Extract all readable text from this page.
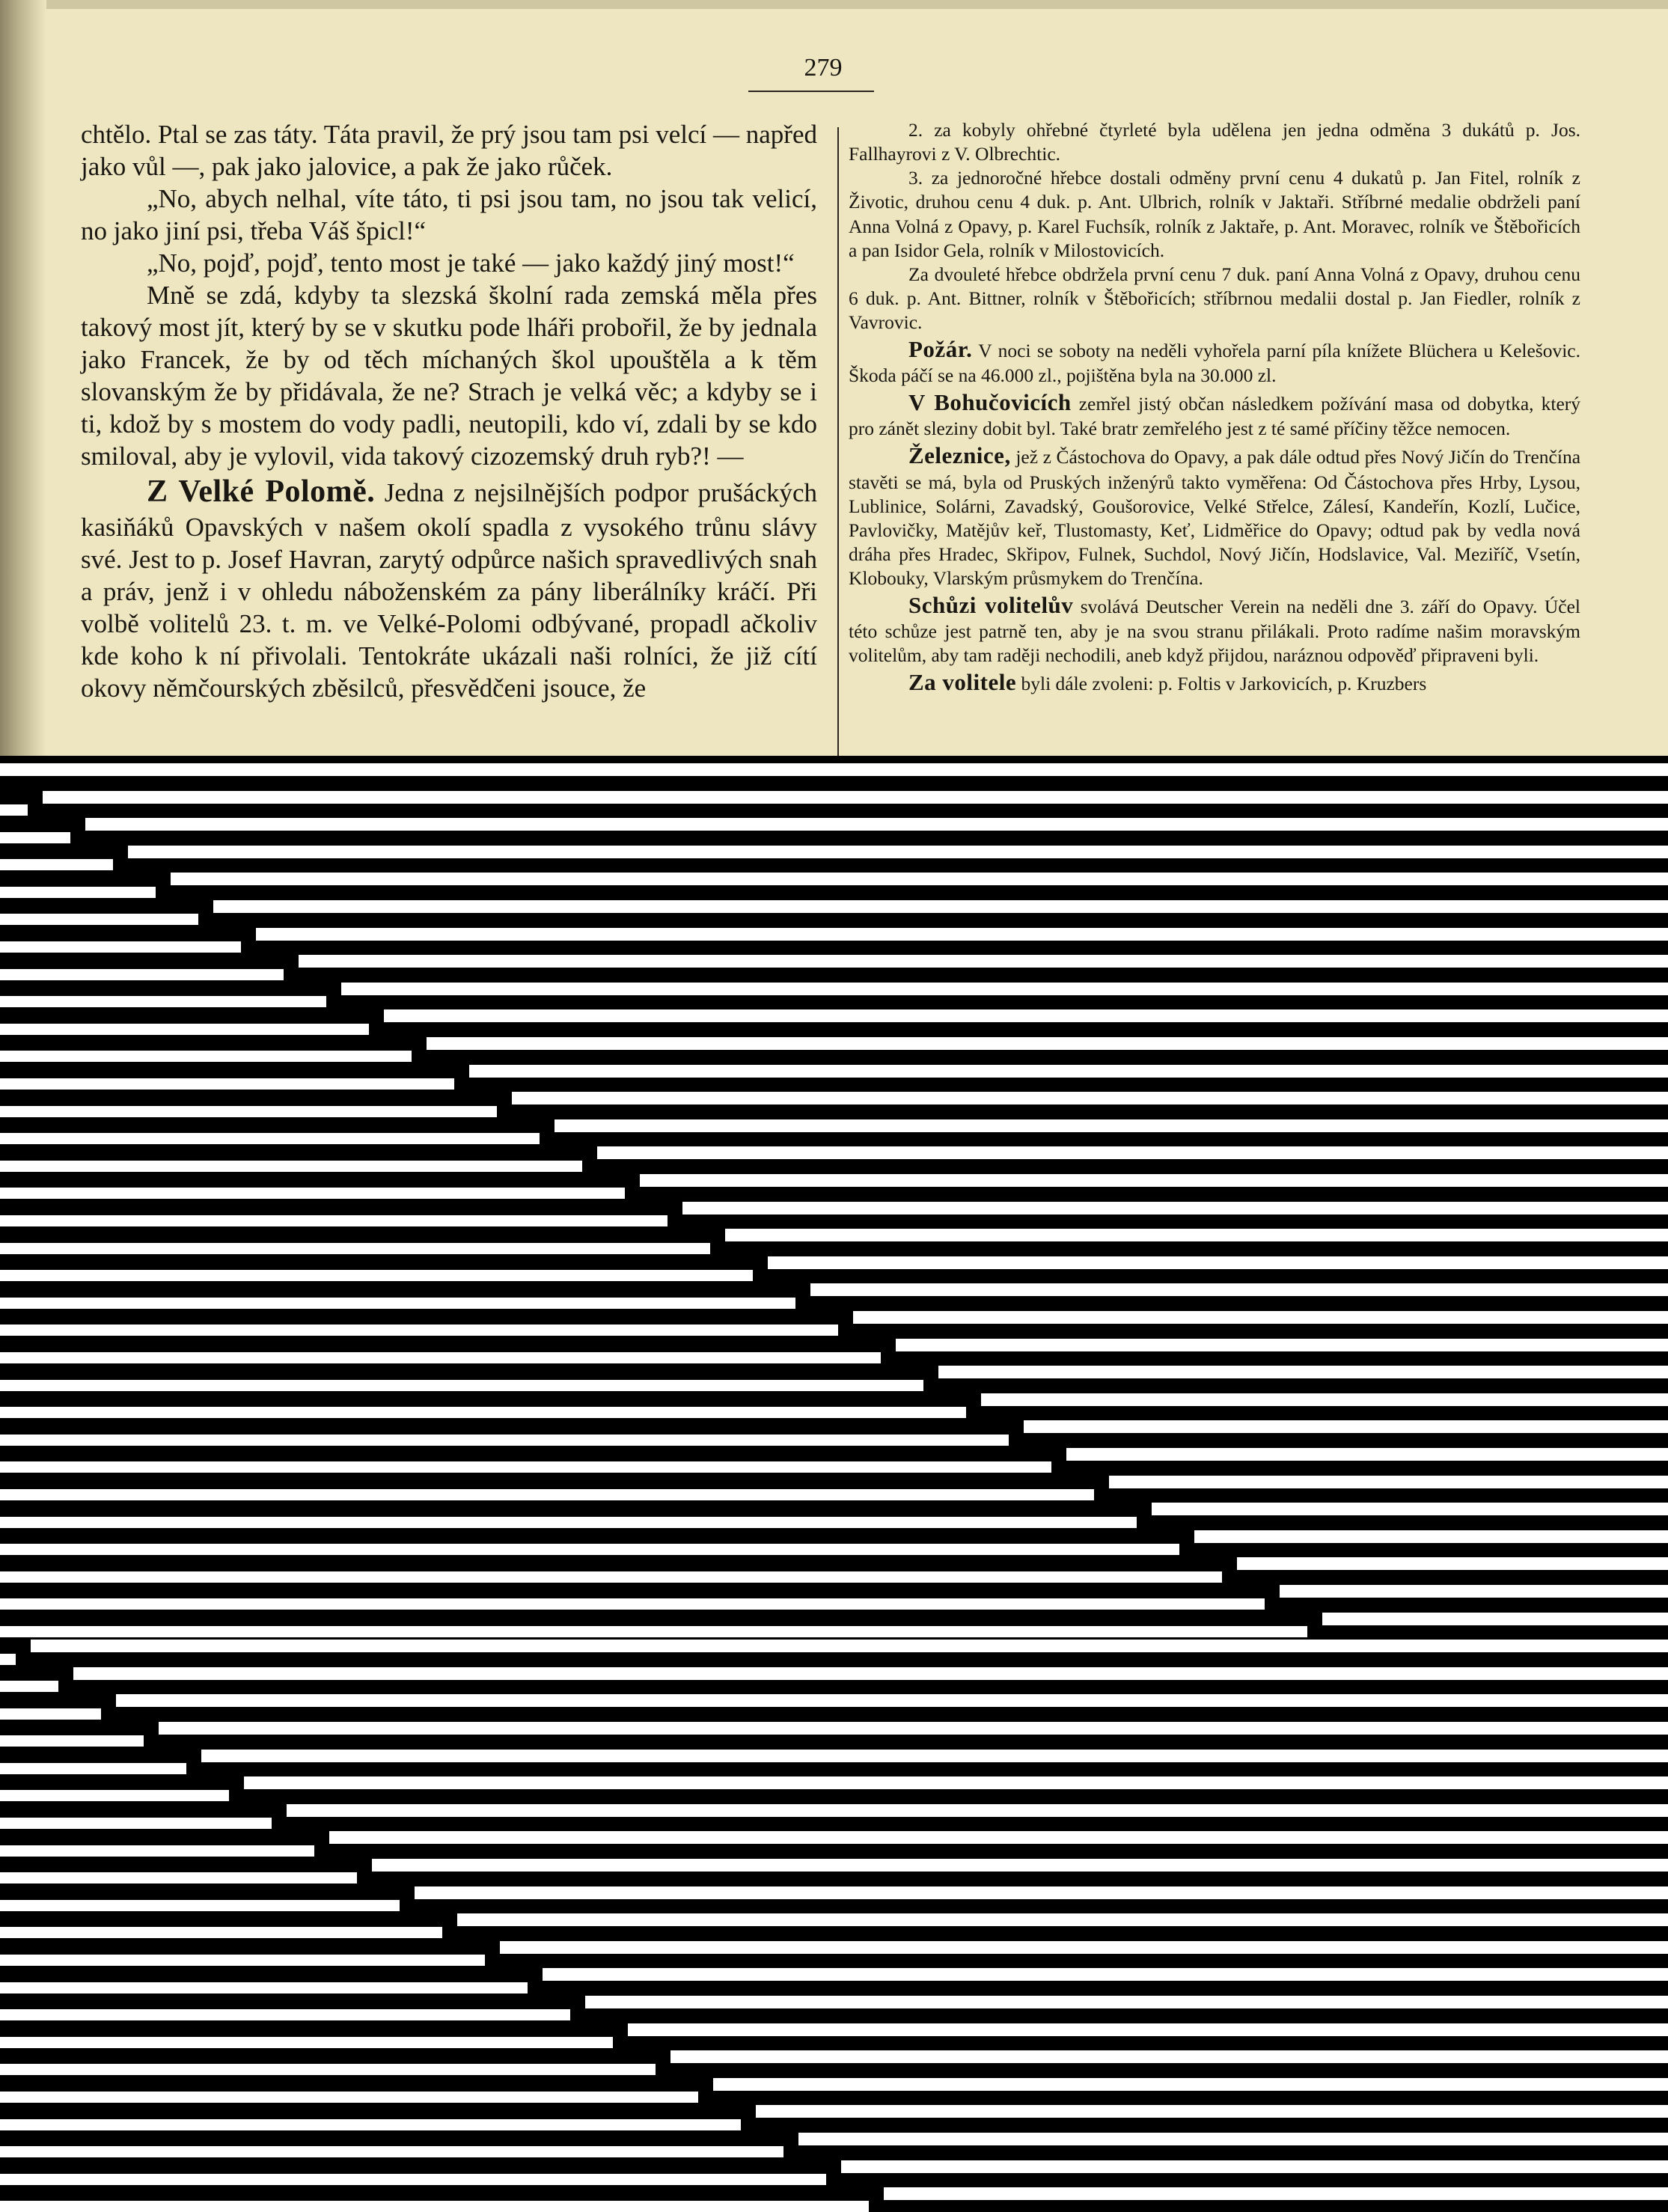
279

chtělo. Ptal se zas táty. Táta pravil, že prý jsou tam psi velcí — napřed jako vůl —, pak jako jalovice, a pak že jako růček.

„No, abych nelhal, víte táto, ti psi jsou tam, no jsou tak velicí, no jako jiní psi, třeba Váš špicl!“

„No, pojď, pojď, tento most je také — jako každý jiný most!“

Mně se zdá, kdyby ta slezská školní rada zemská měla přes takový most jít, který by se v skutku pode lháři probořil, že by jednala jako Francek, že by od těch míchaných škol upouštěla a k těm slovanským že by přidávala, že ne? Strach je velká věc; a kdyby se i ti, kdož by s mostem do vody padli, neutopili, kdo ví, zdali by se kdo smiloval, aby je vylovil, vida takový cizozemský druh ryb?! —

Z Velké Polomě. Jedna z nejsilnějších podpor prušáckých kasiňáků Opavských v našem okolí spadla z vysokého trůnu slávy své. Jest to p. Josef Havran, zarytý odpůrce našich spravedlivých snah a práv, jenž i v ohledu náboženském za pány liberálníky kráčí. Při volbě volitelů 23. t. m. ve Velké-Polomi odbývané, propadl ačkoliv kde koho k ní přivolali. Tentokráte ukázali naši rolníci, že již cítí okovy němčourských zběsilců, přesvědčeni jsouce, že

2. za kobyly ohřebné čtyrleté byla udělena jen jedna odměna 3 dukátů p. Jos. Fallhayrovi z V. Olbrechtic.

3. za jednoročné hřebce dostali odměny první cenu 4 dukatů p. Jan Fitel, rolník z Životic, druhou cenu 4 duk. p. Ant. Ulbrich, rolník v Jaktaři. Stříbrné medalie obdrželi paní Anna Volná z Opavy, p. Karel Fuchsík, rolník z Jaktaře, p. Ant. Moravec, rolník ve Štěbořicích a pan Isidor Gela, rolník v Milostovicích.

Za dvouleté hřebce obdržela první cenu 7 duk. paní Anna Volná z Opavy, druhou cenu 6 duk. p. Ant. Bittner, rolník v Štěbořicích; stříbrnou medalii dostal p. Jan Fiedler, rolník z Vavrovic.

Požár. V noci se soboty na neděli vyhořela parní píla knížete Blüchera u Kelešovic. Škoda páčí se na 46.000 zl., pojištěna byla na 30.000 zl.

V Bohučovicích zemřel jistý občan následkem požívání masa od dobytka, který pro zánět sleziny dobit byl. Také bratr zemřelého jest z té samé příčiny těžce nemocen.

Železnice, jež z Částochova do Opavy, a pak dále odtud přes Nový Jičín do Trenčína stavěti se má, byla od Pruských inženýrů takto vyměřena: Od Částochova přes Hrby, Lysou, Lublinice, Solárni, Zavadský, Goušorovice, Velké Střelce, Zálesí, Kandeřín, Kozlí, Lučice, Pavlovičky, Matějův keř, Tlustomasty, Keť, Lidměřice do Opavy; odtud pak by vedla nová dráha přes Hradec, Skřipov, Fulnek, Suchdol, Nový Jičín, Hodslavice, Val. Meziříč, Vsetín, Klobouky, Vlarským průsmykem do Trenčína.

Schůzi volitelův svolává Deutscher Verein na neděli dne 3. září do Opavy. Účel této schůze jest patrně ten, aby je na svou stranu přilákali. Proto radíme našim moravským volitelům, aby tam raději nechodili, aneb když přijdou, naráznou odpověď připraveni byli.

Za volitele byli dále zvoleni: p. Foltis v Jarkovicích, p. Kruzbers
